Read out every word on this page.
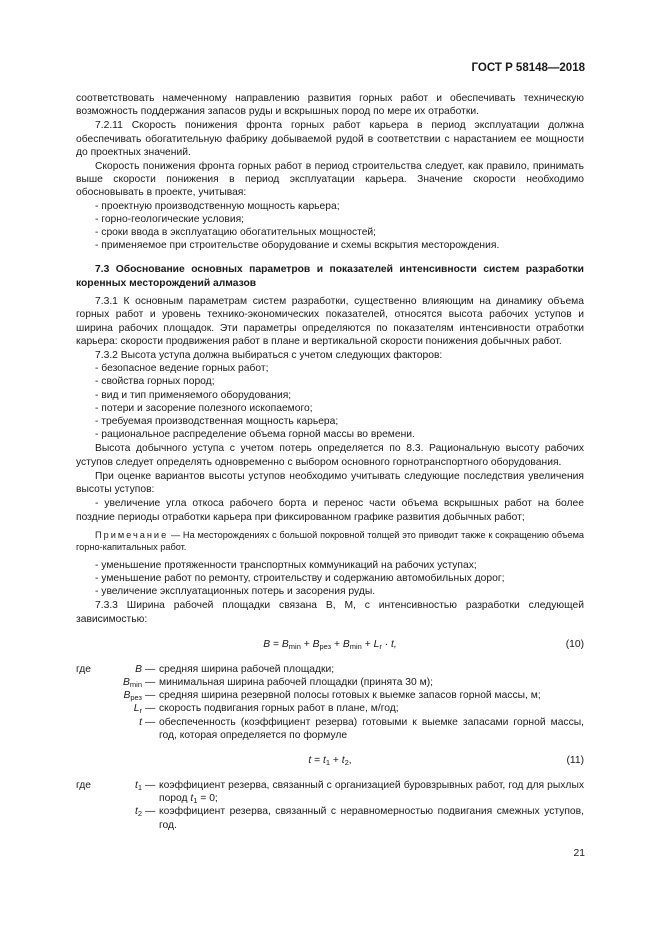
ГОСТ Р 58148—2018

соответствовать намеченному направлению развития горных работ и обеспечивать техническую возможность поддержания запасов руды и вскрышных пород по мере их отработки.

7.2.11 Скорость понижения фронта горных работ карьера в период эксплуатации должна обеспечивать обогатительную фабрику добываемой рудой в соответствии с нарастанием ее мощности до проектных значений.

Скорость понижения фронта горных работ в период строительства следует, как правило, принимать выше скорости понижения в период эксплуатации карьера. Значение скорости необходимо обосновывать в проекте, учитывая:

- проектную производственную мощность карьера;
- горно-геологические условия;
- сроки ввода в эксплуатацию обогатительных мощностей;
- применяемое при строительстве оборудование и схемы вскрытия месторождения.

7.3 Обоснование основных параметров и показателей интенсивности систем разработки коренных месторождений алмазов

7.3.1 К основным параметрам систем разработки, существенно влияющим на динамику объема горных работ и уровень технико-экономических показателей, относятся высота рабочих уступов и ширина рабочих площадок. Эти параметры определяются по показателям интенсивности отработки карьера: скорости продвижения работ в плане и вертикальной скорости понижения добычных работ.

7.3.2 Высота уступа должна выбираться с учетом следующих факторов:

- безопасное ведение горных работ;
- свойства горных пород;
- вид и тип применяемого оборудования;
- потери и засорение полезного ископаемого;
- требуемая производственная мощность карьера;
- рациональное распределение объема горной массы во времени.

Высота добычного уступа с учетом потерь определяется по 8.3. Рациональную высоту рабочих уступов следует определять одновременно с выбором основного горнотранспортного оборудования.

При оценке вариантов высоты уступов необходимо учитывать следующие последствия увеличения высоты уступов:

- увеличение угла откоса рабочего борта и перенос части объема вскрышных работ на более поздние периоды отработки карьера при фиксированном графике развития добычных работ;

Примечание — На месторождениях с большой покровной толщей это приводит также к сокращению объема горно-капитальных работ.
- уменьшение протяженности транспортных коммуникаций на рабочих уступах;
- уменьшение работ по ремонту, строительству и содержанию автомобильных дорог;
- увеличение эксплуатационных потерь и засорения руды.

7.3.3 Ширина рабочей площадки связана В, М, с интенсивностью разработки следующей зависимостью:

$B = B_{min} + B_{рез} + B_{min} + L_r \cdot t$,	(10)
где	B — средняя ширина рабочей площадки;
$B_{min}$ — минимальная ширина рабочей площадки (принята 30 м);
$B_{рез}$ — средняя ширина резервной полосы готовых к выемке запасов горной массы, м;
$L_r$ — скорость подвигания горных работ в плане, м/год;
t — обеспеченность (коэффициент резерва) готовыми к выемке запасами горной массы, год, которая определяется по формуле
$t = t_1 + t_2$,	(11)
где	$t_1$ — коэффициент резерва, связанный с организацией буровзрывных работ, год для рыхлых пород $t_1 = 0$;
$t_2$ — коэффициент резерва, связанный с неравномерностью подвигания смежных уступов, год.
21
